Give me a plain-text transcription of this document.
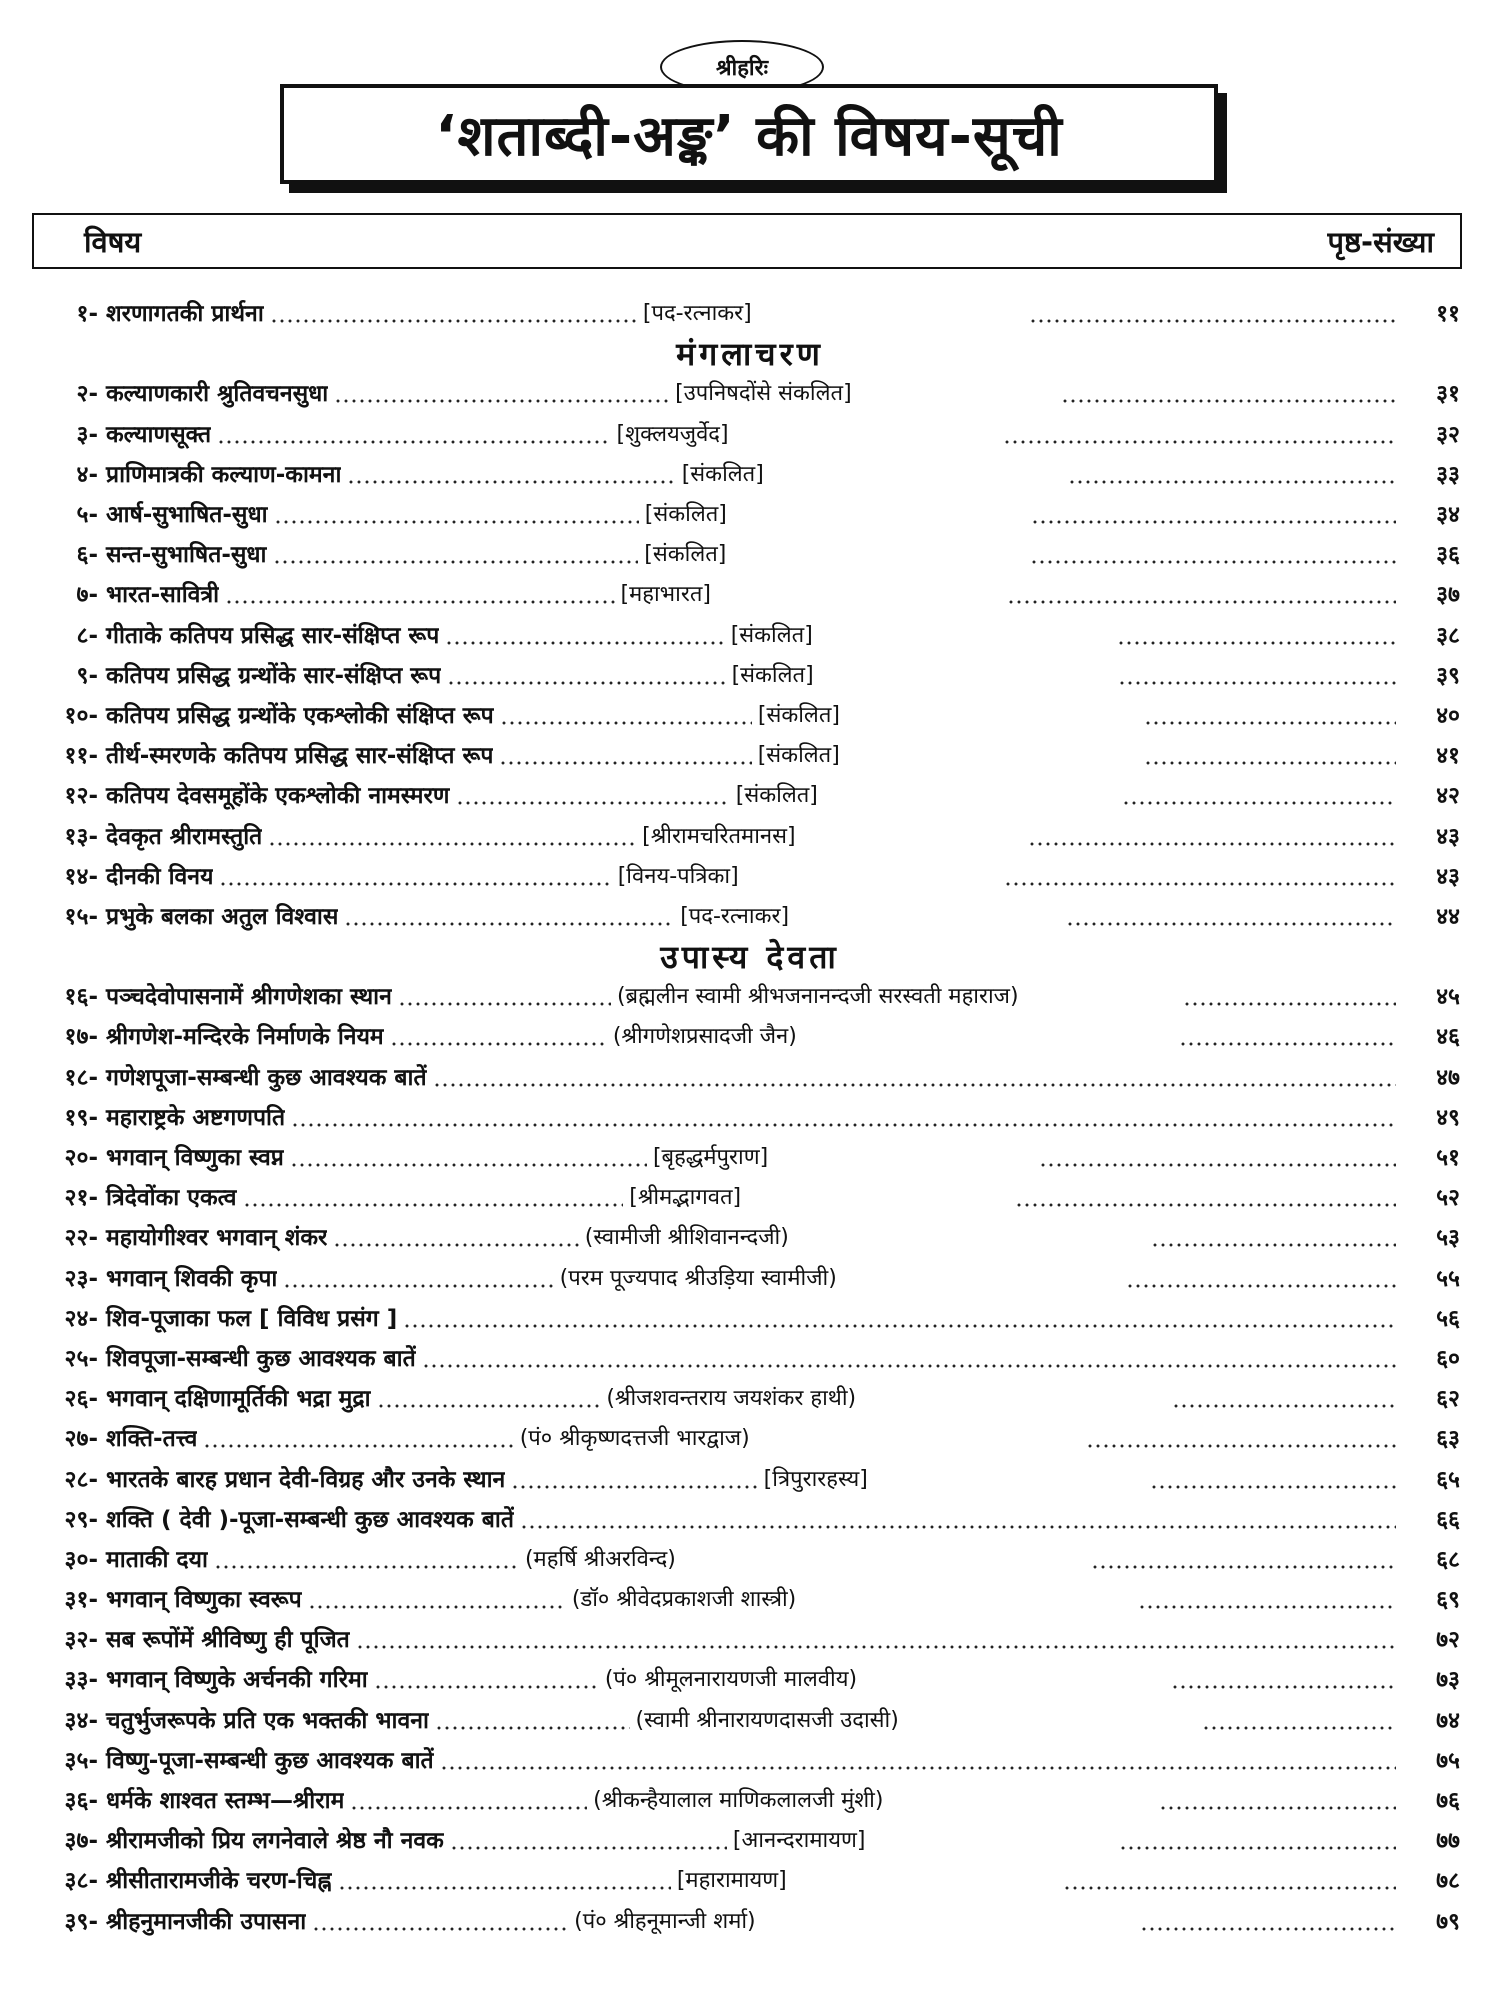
श्रीहरिः
‘शताब्दी-अङ्क’ की विषय-सूची
विषय	पृष्ठ-संख्या
१- शरणागतकी प्रार्थना	[पद-रत्नाकर]	११
मंगलाचरण
२- कल्याणकारी श्रुतिवचनसुधा	[उपनिषदोंसे संकलित]	३१
३- कल्याणसूक्त	[शुक्लयजुर्वेद]	३२
४- प्राणिमात्रकी कल्याण-कामना	[संकलित]	३३
५- आर्ष-सुभाषित-सुधा	[संकलित]	३४
६- सन्त-सुभाषित-सुधा	[संकलित]	३६
७- भारत-सावित्री	[महाभारत]	३७
८- गीताके कतिपय प्रसिद्ध सार-संक्षिप्त रूप	[संकलित]	३८
९- कतिपय प्रसिद्ध ग्रन्थोंके सार-संक्षिप्त रूप	[संकलित]	३९
१०- कतिपय प्रसिद्ध ग्रन्थोंके एकश्लोकी संक्षिप्त रूप	[संकलित]	४०
११- तीर्थ-स्मरणके कतिपय प्रसिद्ध सार-संक्षिप्त रूप	[संकलित]	४१
१२- कतिपय देवसमूहोंके एकश्लोकी नामस्मरण	[संकलित]	४२
१३- देवकृत श्रीरामस्तुति	[श्रीरामचरितमानस]	४३
१४- दीनकी विनय	[विनय-पत्रिका]	४३
१५- प्रभुके बलका अतुल विश्वास	[पद-रत्नाकर]	४४
उपास्य देवता
१६- पञ्चदेवोपासनामें श्रीगणेशका स्थान	(ब्रह्मलीन स्वामी श्रीभजनानन्दजी सरस्वती महाराज)	४५
१७- श्रीगणेश-मन्दिरके निर्माणके नियम	(श्रीगणेशप्रसादजी जैन)	४६
१८- गणेशपूजा-सम्बन्धी कुछ आवश्यक बातें	४७
१९- महाराष्ट्रके अष्टगणपति	४९
२०- भगवान् विष्णुका स्वप्न	[बृहद्धर्मपुराण]	५१
२१- त्रिदेवोंका एकत्व	[श्रीमद्भागवत]	५२
२२- महायोगीश्वर भगवान् शंकर	(स्वामीजी श्रीशिवानन्दजी)	५३
२३- भगवान् शिवकी कृपा	(परम पूज्यपाद श्रीउड़िया स्वामीजी)	५५
२४- शिव-पूजाका फल [ विविध प्रसंग ]	५६
२५- शिवपूजा-सम्बन्धी कुछ आवश्यक बातें	६०
२६- भगवान् दक्षिणामूर्तिकी भद्रा मुद्रा	(श्रीजशवन्तराय जयशंकर हाथी)	६२
२७- शक्ति-तत्त्व	(पं० श्रीकृष्णदत्तजी भारद्वाज)	६३
२८- भारतके बारह प्रधान देवी-विग्रह और उनके स्थान	[त्रिपुरारहस्य]	६५
२९- शक्ति ( देवी )-पूजा-सम्बन्धी कुछ आवश्यक बातें	६६
३०- माताकी दया	(महर्षि श्रीअरविन्द)	६८
३१- भगवान् विष्णुका स्वरूप	(डॉ० श्रीवेदप्रकाशजी शास्त्री)	६९
३२- सब रूपोंमें श्रीविष्णु ही पूजित	७२
३३- भगवान् विष्णुके अर्चनकी गरिमा	(पं० श्रीमूलनारायणजी मालवीय)	७३
३४- चतुर्भुजरूपके प्रति एक भक्तकी भावना	(स्वामी श्रीनारायणदासजी उदासी)	७४
३५- विष्णु-पूजा-सम्बन्धी कुछ आवश्यक बातें	७५
३६- धर्मके शाश्वत स्तम्भ—श्रीराम	(श्रीकन्हैयालाल माणिकलालजी मुंशी)	७६
३७- श्रीरामजीको प्रिय लगनेवाले श्रेष्ठ नौ नवक	[आनन्दरामायण]	७७
३८- श्रीसीतारामजीके चरण-चिह्न	[महारामायण]	७८
३९- श्रीहनुमानजीकी उपासना	(पं० श्रीहनूमान्जी शर्मा)	७९
